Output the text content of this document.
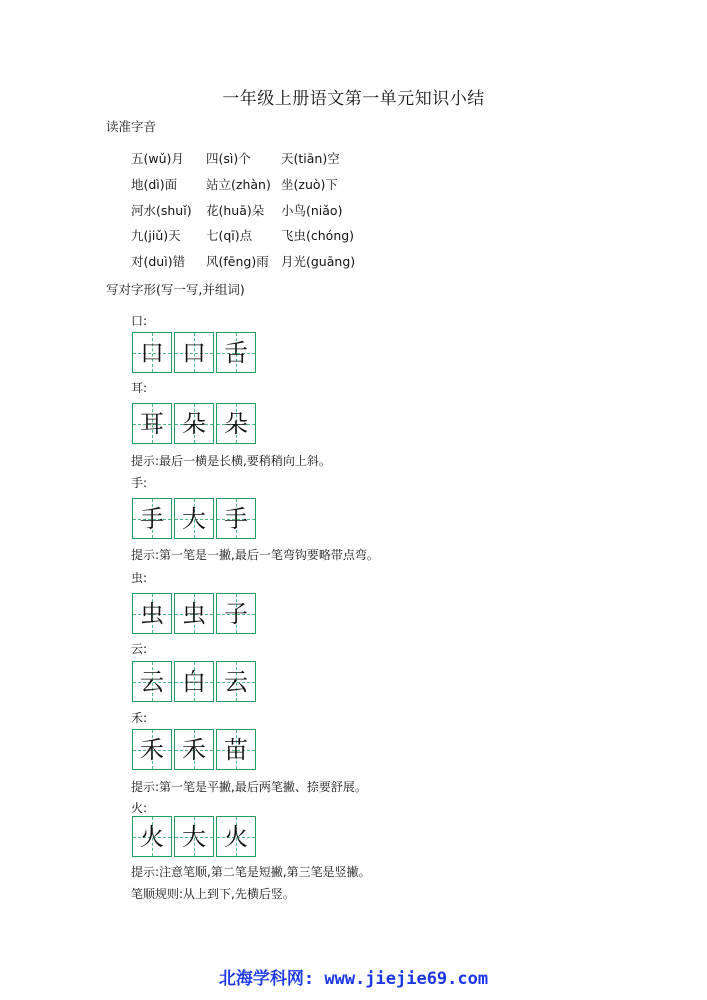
一年级上册语文第一单元知识小结
读准字音
五(wǔ)月 四(sì)个 天(tiān)空
地(dì)面 站立(zhàn) 坐(zuò)下
河水(shuǐ) 花(huā)朵 小鸟(niǎo)
九(jiǔ)天 七(qī)点 飞虫(chóng)
对(duì)错 风(fēng)雨 月光(guāng)
写对字形(写一写,并组词)
口:
口 口 舌
耳:
耳 朵 朵
提示:最后一横是长横,要稍稍向上斜。
手:
手 大 手
提示:第一笔是一撇,最后一笔弯钩要略带点弯。
虫:
虫 虫 子
云:
云 白 云
禾:
禾 禾 苗
提示:第一笔是平撇,最后两笔撇、捺要舒展。
火:
火 大 火
提示:注意笔顺,第二笔是短撇,第三笔是竖撇。
笔顺规则:从上到下,先横后竖。
北海学科网: www.jiejie69.com
